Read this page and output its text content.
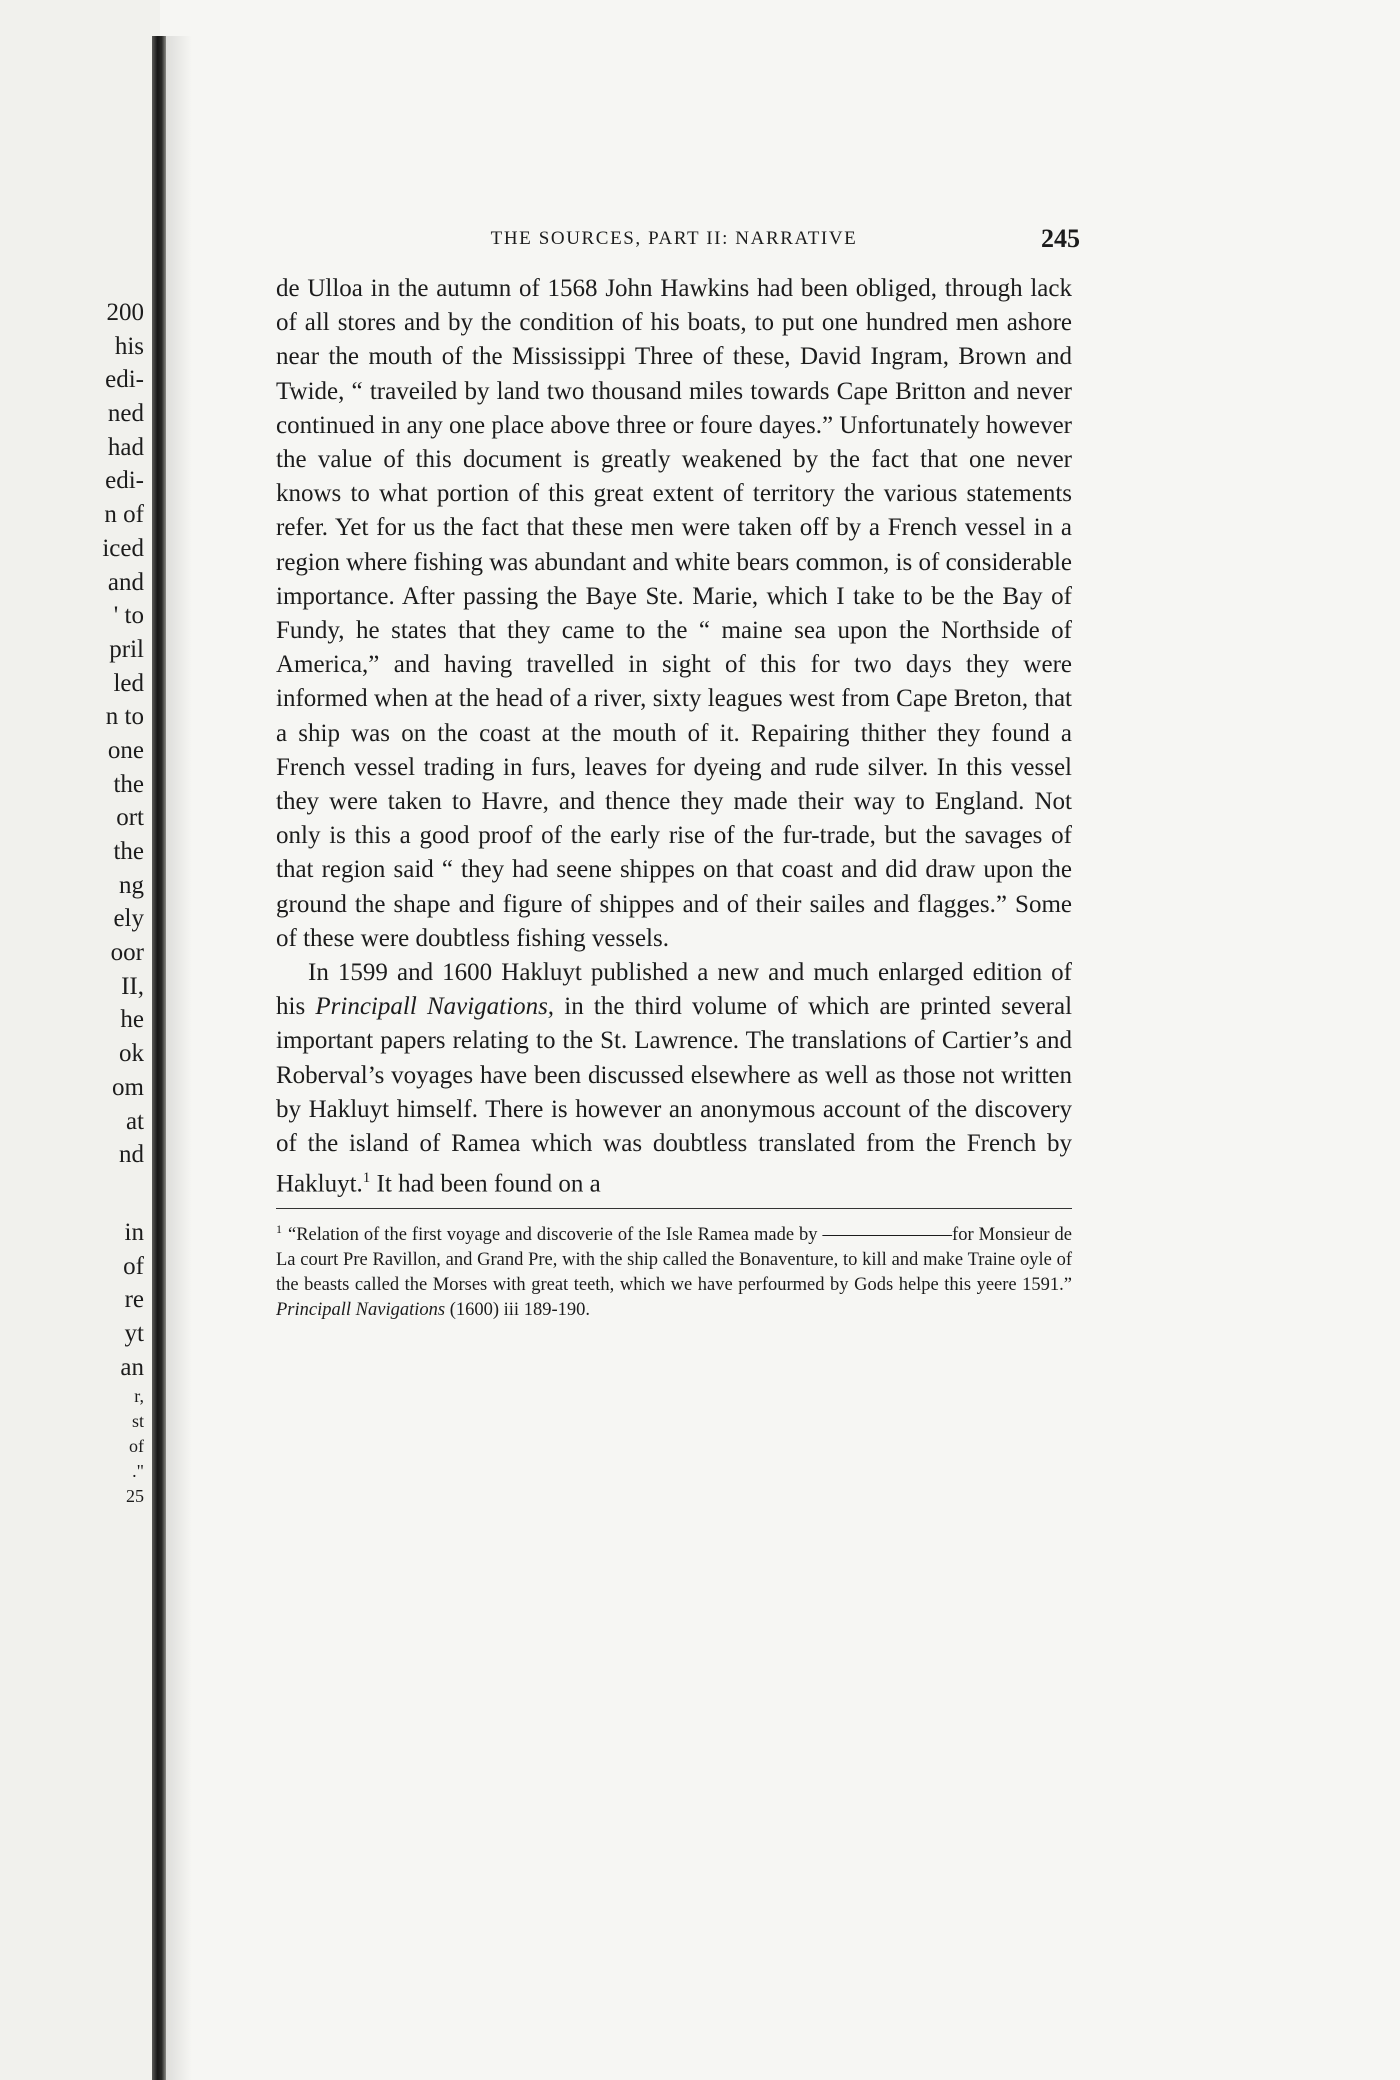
200
his
edi-
ned
had
edi-
n of
iced
and
' to
pril
led
n to
one
the
ort
the
ng
ely
oor
II,
he
ok
om
at
nd
in
of
re
yt
an
r,
st
of
."
25
THE SOURCES, PART II: NARRATIVE	245

de Ulloa in the autumn of 1568 John Hawkins had been obliged, through lack of all stores and by the condition of his boats, to put one hundred men ashore near the mouth of the Mississippi Three of these, David Ingram, Brown and Twide, “ traveiled by land two thousand miles towards Cape Britton and never continued in any one place above three or foure dayes.” Unfortunately however the value of this document is greatly weakened by the fact that one never knows to what portion of this great extent of territory the various statements refer. Yet for us the fact that these men were taken off by a French vessel in a region where fishing was abundant and white bears common, is of considerable importance. After passing the Baye Ste. Marie, which I take to be the Bay of Fundy, he states that they came to the “ maine sea upon the Northside of America,” and having travelled in sight of this for two days they were informed when at the head of a river, sixty leagues west from Cape Breton, that a ship was on the coast at the mouth of it. Repairing thither they found a French vessel trading in furs, leaves for dyeing and rude silver. In this vessel they were taken to Havre, and thence they made their way to England. Not only is this a good proof of the early rise of the fur-trade, but the savages of that region said “ they had seene shippes on that coast and did draw upon the ground the shape and figure of shippes and of their sailes and flagges.” Some of these were doubtless fishing vessels.

In 1599 and 1600 Hakluyt published a new and much enlarged edition of his Principall Navigations, in the third volume of which are printed several important papers relating to the St. Lawrence. The translations of Cartier’s and Roberval’s voyages have been discussed elsewhere as well as those not written by Hakluyt himself. There is however an anonymous account of the discovery of the island of Ramea which was doubtless translated from the French by Hakluyt.$^1$ It had been found on a

$^1$ “Relation of the first voyage and discoverie of the Isle Ramea made by ———————for Monsieur de La court Pre Ravillon, and Grand Pre, with the ship called the Bonaventure, to kill and make Traine oyle of the beasts called the Morses with great teeth, which we have perfourmed by Gods helpe this yeere 1591.” Principall Navigations (1600) iii 189-190.
